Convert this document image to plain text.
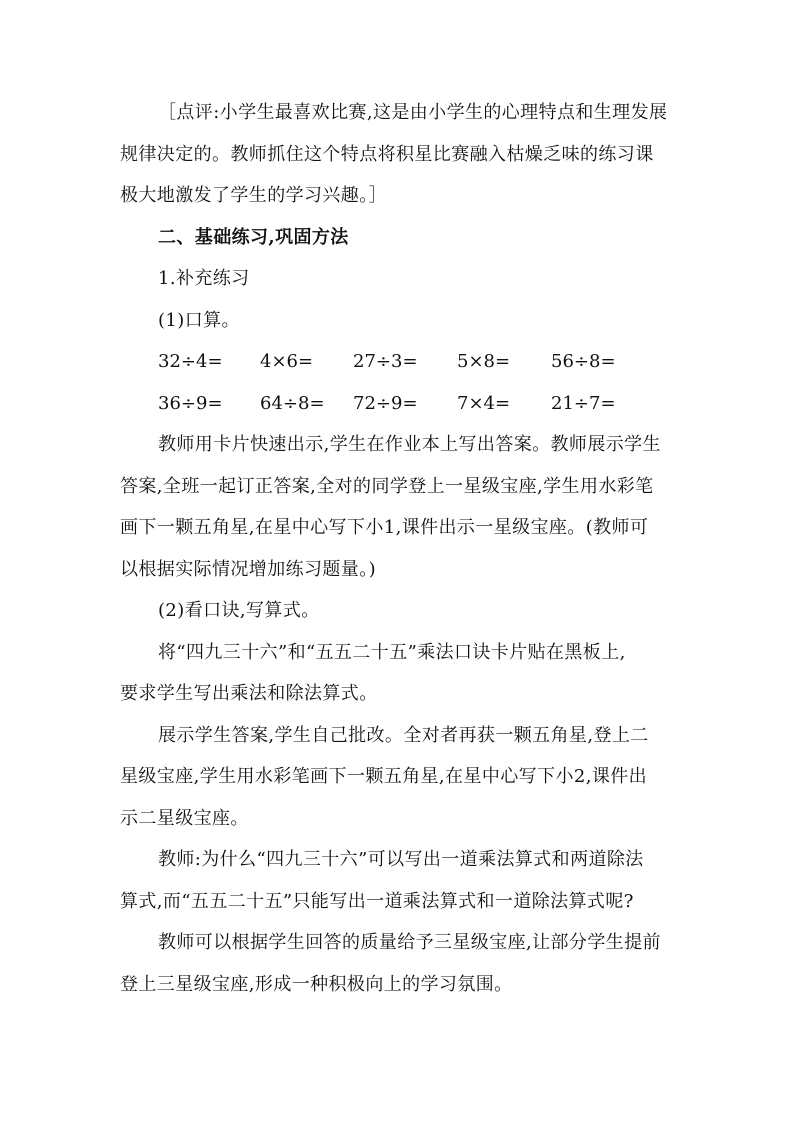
［点评:小学生最喜欢比赛,这是由小学生的心理特点和生理发展

规律决定的。教师抓住这个特点将积星比赛融入枯燥乏味的练习课

极大地激发了学生的学习兴趣。］

二、基础练习,巩固方法

1.补充练习

(1)口算。

32÷4=	4×6=	27÷3=	5×8=	56÷8=
36÷9=	64÷8=	72÷9=	7×4=	21÷7=

教师用卡片快速出示,学生在作业本上写出答案。教师展示学生

答案,全班一起订正答案,全对的同学登上一星级宝座,学生用水彩笔

画下一颗五角星,在星中心写下小1,课件出示一星级宝座。(教师可

以根据实际情况增加练习题量。)

(2)看口诀,写算式。

将“四九三十六”和“五五二十五”乘法口诀卡片贴在黑板上,

要求学生写出乘法和除法算式。

展示学生答案,学生自己批改。全对者再获一颗五角星,登上二

星级宝座,学生用水彩笔画下一颗五角星,在星中心写下小2,课件出

示二星级宝座。

教师:为什么“四九三十六”可以写出一道乘法算式和两道除法

算式,而“五五二十五”只能写出一道乘法算式和一道除法算式呢?

教师可以根据学生回答的质量给予三星级宝座,让部分学生提前

登上三星级宝座,形成一种积极向上的学习氛围。
